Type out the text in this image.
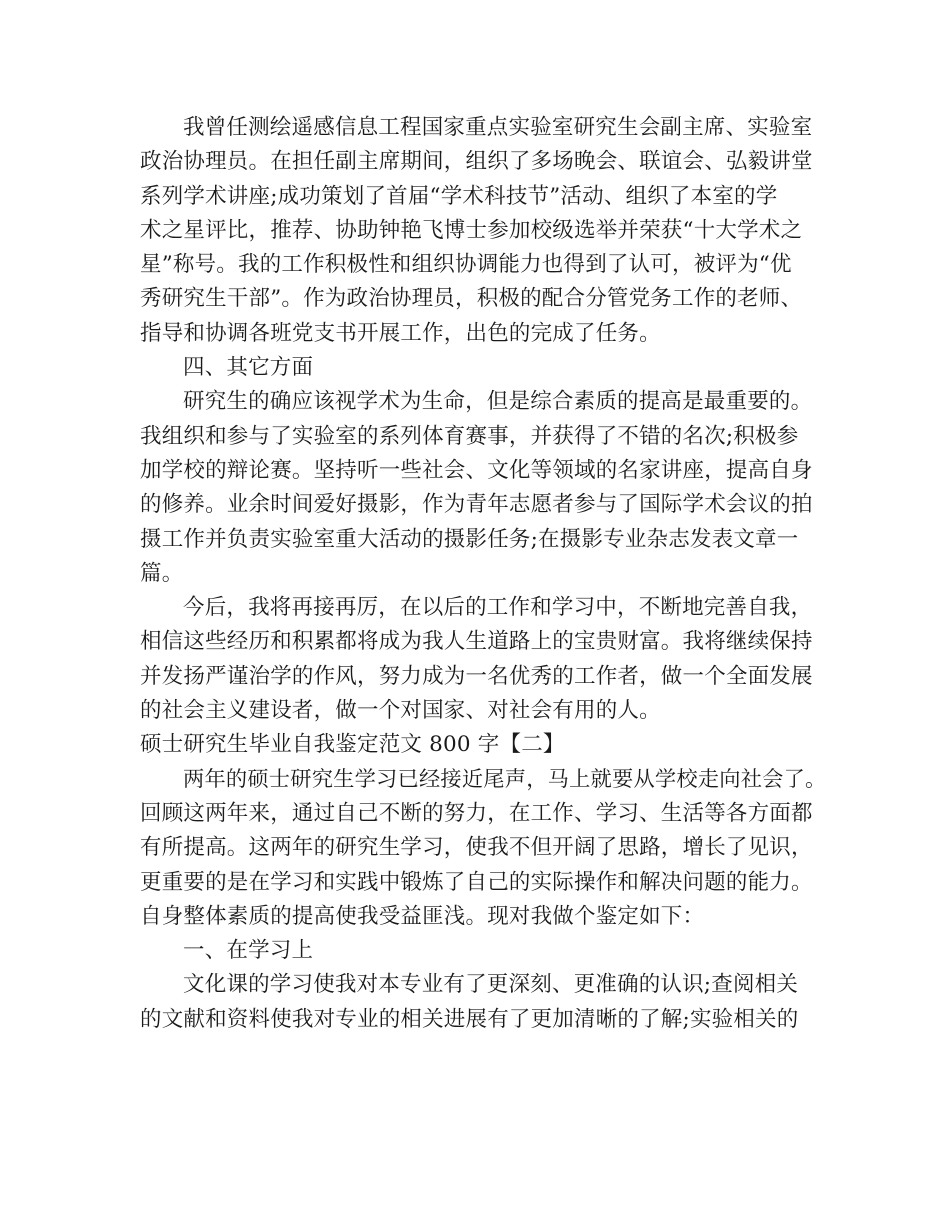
我曾任测绘遥感信息工程国家重点实验室研究生会副主席、实验室
政治协理员。在担任副主席期间，组织了多场晚会、联谊会、弘毅讲堂
系列学术讲座;成功策划了首届“学术科技节”活动、组织了本室的学
术之星评比，推荐、协助钟艳飞博士参加校级选举并荣获“十大学术之
星”称号。我的工作积极性和组织协调能力也得到了认可，被评为“优
秀研究生干部”。作为政治协理员，积极的配合分管党务工作的老师、
指导和协调各班党支书开展工作，出色的完成了任务。
四、其它方面
研究生的确应该视学术为生命，但是综合素质的提高是最重要的。
我组织和参与了实验室的系列体育赛事，并获得了不错的名次;积极参
加学校的辩论赛。坚持听一些社会、文化等领域的名家讲座，提高自身
的修养。业余时间爱好摄影，作为青年志愿者参与了国际学术会议的拍
摄工作并负责实验室重大活动的摄影任务;在摄影专业杂志发表文章一
篇。
今后，我将再接再厉，在以后的工作和学习中，不断地完善自我，
相信这些经历和积累都将成为我人生道路上的宝贵财富。我将继续保持
并发扬严谨治学的作风，努力成为一名优秀的工作者，做一个全面发展
的社会主义建设者，做一个对国家、对社会有用的人。
硕士研究生毕业自我鉴定范文 800 字【二】
两年的硕士研究生学习已经接近尾声，马上就要从学校走向社会了。
回顾这两年来，通过自己不断的努力，在工作、学习、生活等各方面都
有所提高。这两年的研究生学习，使我不但开阔了思路，增长了见识，
更重要的是在学习和实践中锻炼了自己的实际操作和解决问题的能力。
自身整体素质的提高使我受益匪浅。现对我做个鉴定如下：
一、在学习上
文化课的学习使我对本专业有了更深刻、更准确的认识;查阅相关
的文献和资料使我对专业的相关进展有了更加清晰的了解;实验相关的
